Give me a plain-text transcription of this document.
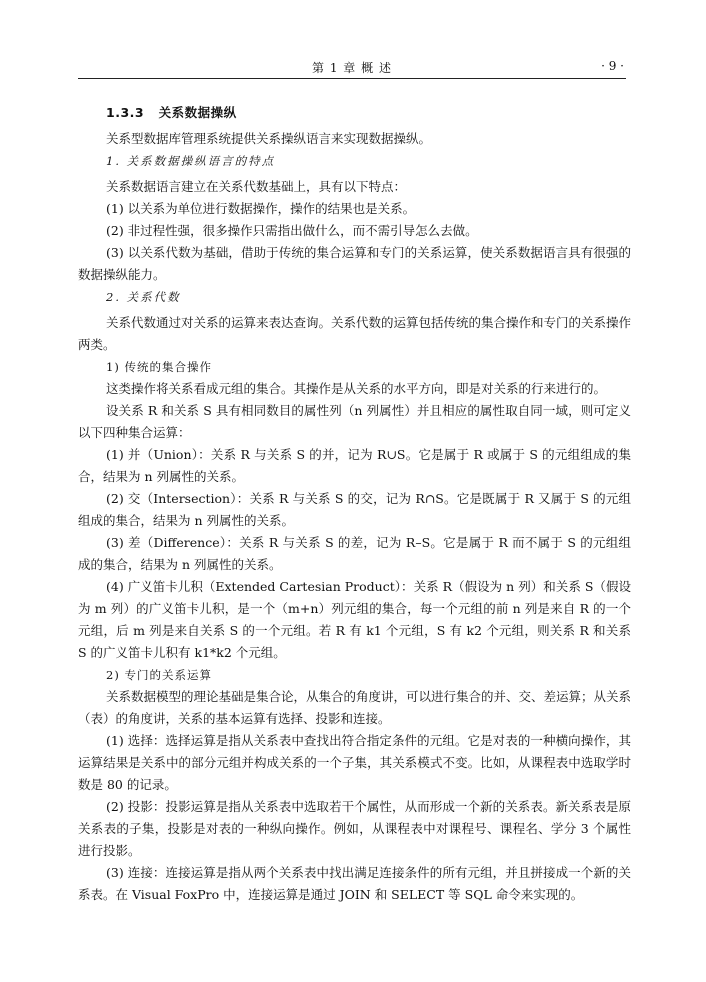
第 1 章 概 述	· 9 ·

1.3.3 关系数据操纵

关系型数据库管理系统提供关系操纵语言来实现数据操纵。

1. 关系数据操纵语言的特点

关系数据语言建立在关系代数基础上，具有以下特点：

(1) 以关系为单位进行数据操作，操作的结果也是关系。

(2) 非过程性强，很多操作只需指出做什么，而不需引导怎么去做。

(3) 以关系代数为基础，借助于传统的集合运算和专门的关系运算，使关系数据语言具有很强的数据操纵能力。

2. 关系代数

关系代数通过对关系的运算来表达查询。关系代数的运算包括传统的集合操作和专门的关系操作两类。

1) 传统的集合操作

这类操作将关系看成元组的集合。其操作是从关系的水平方向，即是对关系的行来进行的。

设关系 R 和关系 S 具有相同数目的属性列（n 列属性）并且相应的属性取自同一域，则可定义以下四种集合运算：

(1) 并（Union）：关系 R 与关系 S 的并，记为 R∪S。它是属于 R 或属于 S 的元组组成的集合，结果为 n 列属性的关系。

(2) 交（Intersection）：关系 R 与关系 S 的交，记为 R∩S。它是既属于 R 又属于 S 的元组组成的集合，结果为 n 列属性的关系。

(3) 差（Difference）：关系 R 与关系 S 的差，记为 R–S。它是属于 R 而不属于 S 的元组组成的集合，结果为 n 列属性的关系。

(4) 广义笛卡儿积（Extended Cartesian Product）：关系 R（假设为 n 列）和关系 S（假设为 m 列）的广义笛卡儿积，是一个（m+n）列元组的集合，每一个元组的前 n 列是来自 R 的一个元组，后 m 列是来自关系 S 的一个元组。若 R 有 k1 个元组，S 有 k2 个元组，则关系 R 和关系 S 的广义笛卡儿积有 k1*k2 个元组。

2) 专门的关系运算

关系数据模型的理论基础是集合论，从集合的角度讲，可以进行集合的并、交、差运算；从关系（表）的角度讲，关系的基本运算有选择、投影和连接。

(1) 选择：选择运算是指从关系表中查找出符合指定条件的元组。它是对表的一种横向操作，其运算结果是关系中的部分元组并构成关系的一个子集，其关系模式不变。比如，从课程表中选取学时数是 80 的记录。

(2) 投影：投影运算是指从关系表中选取若干个属性，从而形成一个新的关系表。新关系表是原关系表的子集，投影是对表的一种纵向操作。例如，从课程表中对课程号、课程名、学分 3 个属性进行投影。

(3) 连接：连接运算是指从两个关系表中找出满足连接条件的所有元组，并且拼接成一个新的关系表。在 Visual FoxPro 中，连接运算是通过 JOIN 和 SELECT 等 SQL 命令来实现的。
